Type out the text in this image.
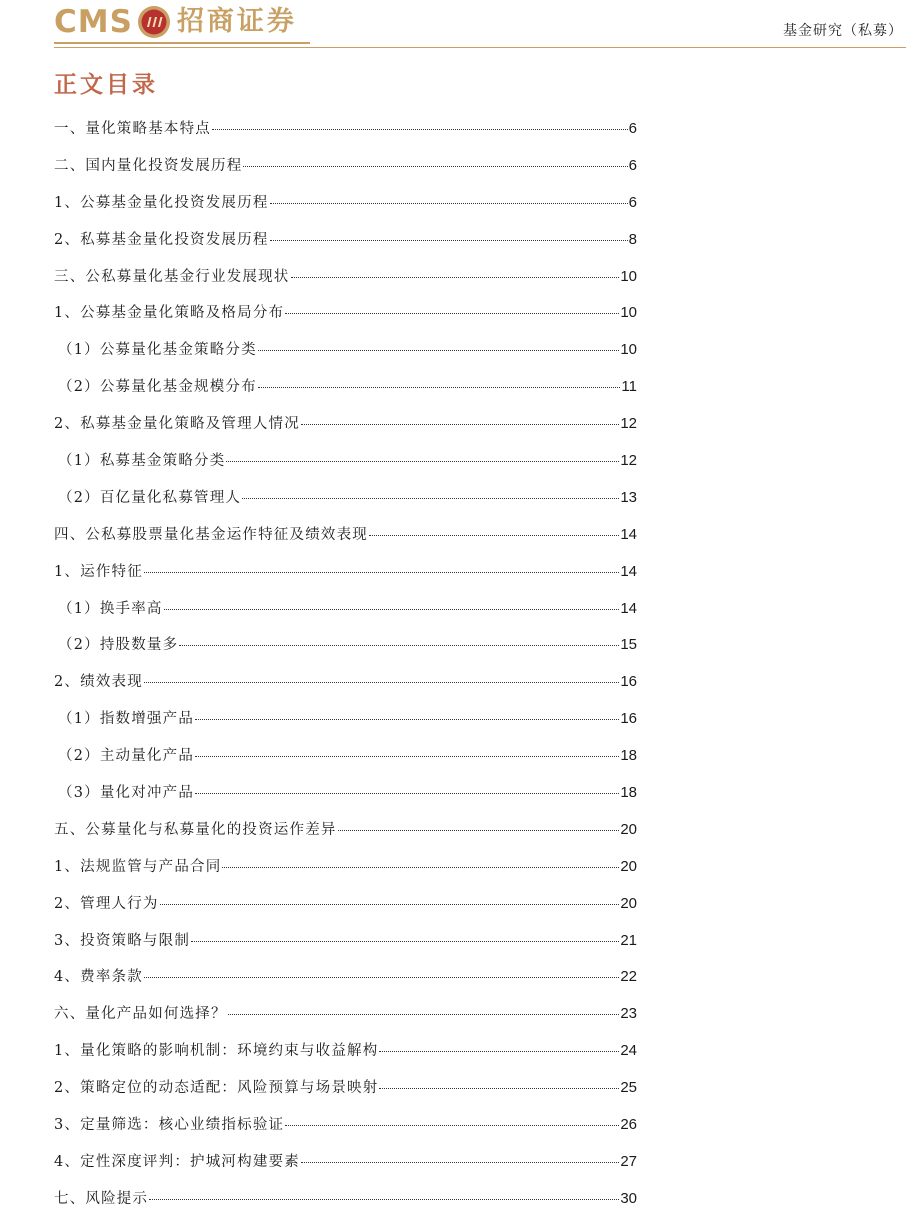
CMS 招商证券	基金研究（私募）
正文目录
一、量化策略基本特点	6
二、国内量化投资发展历程	6
1、公募基金量化投资发展历程	6
2、私募基金量化投资发展历程	8
三、公私募量化基金行业发展现状	10
1、公募基金量化策略及格局分布	10
（1）公募量化基金策略分类	10
（2）公募量化基金规模分布	11
2、私募基金量化策略及管理人情况	12
（1）私募基金策略分类	12
（2）百亿量化私募管理人	13
四、公私募股票量化基金运作特征及绩效表现	14
1、运作特征	14
（1）换手率高	14
（2）持股数量多	15
2、绩效表现	16
（1）指数增强产品	16
（2）主动量化产品	18
（3）量化对冲产品	18
五、公募量化与私募量化的投资运作差异	20
1、法规监管与产品合同	20
2、管理人行为	20
3、投资策略与限制	21
4、费率条款	22
六、量化产品如何选择？	23
1、量化策略的影响机制：环境约束与收益解构	24
2、策略定位的动态适配：风险预算与场景映射	25
3、定量筛选：核心业绩指标验证	26
4、定性深度评判：护城河构建要素	27
七、风险提示	30
